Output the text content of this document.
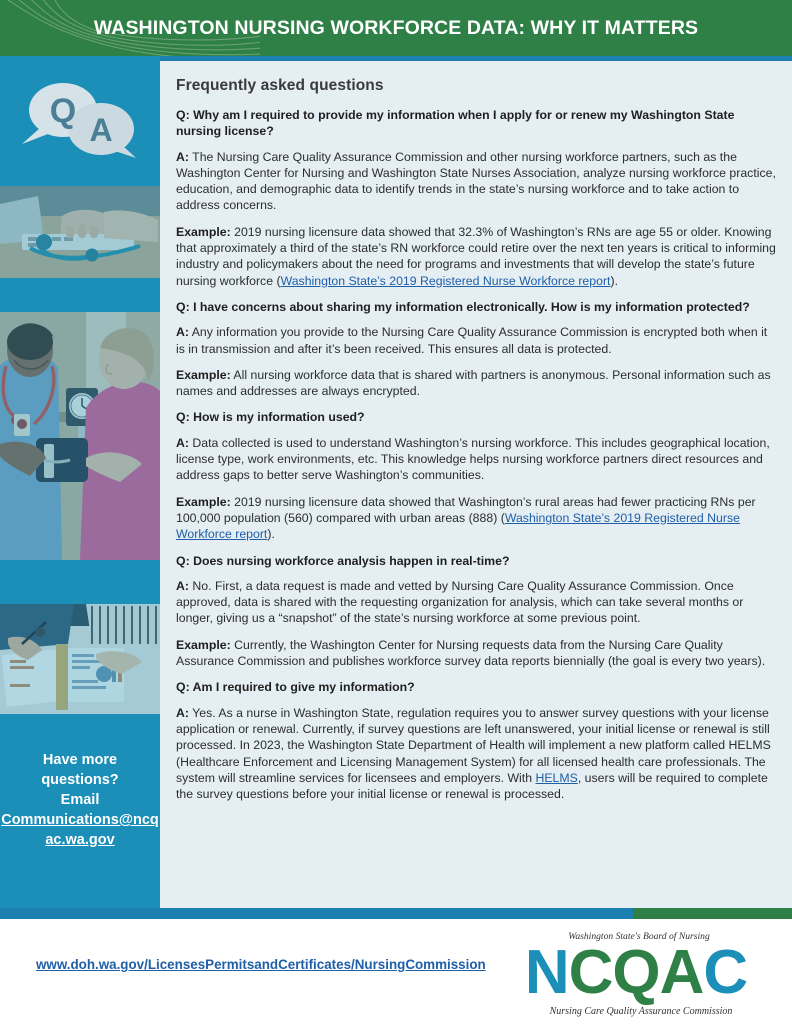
WASHINGTON NURSING WORKFORCE DATA: WHY IT MATTERS
Q A
Have more
questions?
Email
Communications@ncqac.wa.gov
Frequently asked questions

Q: Why am I required to provide my information when I apply for or renew my Washington State nursing license?

A: The Nursing Care Quality Assurance Commission and other nursing workforce partners, such as the Washington Center for Nursing and Washington State Nurses Association, analyze nursing workforce practice, education, and demographic data to identify trends in the state’s nursing workforce and to take action to address concerns.

Example: 2019 nursing licensure data showed that 32.3% of Washington’s RNs are age 55 or older. Knowing that approximately a third of the state’s RN workforce could retire over the next ten years is critical to informing industry and policymakers about the need for programs and investments that will develop the state’s future nursing workforce (Washington State’s 2019 Registered Nurse Workforce report).

Q: I have concerns about sharing my information electronically. How is my information protected?

A: Any information you provide to the Nursing Care Quality Assurance Commission is encrypted both when it is in transmission and after it’s been received. This ensures all data is protected.

Example: All nursing workforce data that is shared with partners is anonymous. Personal information such as names and addresses are always encrypted.

Q: How is my information used?

A: Data collected is used to understand Washington’s nursing workforce. This includes geographical location, license type, work environments, etc. This knowledge helps nursing workforce partners direct resources and address gaps to better serve Washington’s communities.

Example: 2019 nursing licensure data showed that Washington’s rural areas had fewer practicing RNs per 100,000 population (560) compared with urban areas (888) (Washington State’s 2019 Registered Nurse Workforce report).

Q: Does nursing workforce analysis happen in real-time?

A: No. First, a data request is made and vetted by Nursing Care Quality Assurance Commission. Once approved, data is shared with the requesting organization for analysis, which can take several months or longer, giving us a “snapshot” of the state’s nursing workforce at some previous point.

Example: Currently, the Washington Center for Nursing requests data from the Nursing Care Quality Assurance Commission and publishes workforce survey data reports biennially (the goal is every two years).

Q: Am I required to give my information?

A: Yes. As a nurse in Washington State, regulation requires you to answer survey questions with your license application or renewal. Currently, if survey questions are left unanswered, your initial license or renewal is still processed. In 2023, the Washington State Department of Health will implement a new platform called HELMS (Healthcare Enforcement and Licensing Management System) for all licensed health care professionals. The system will streamline services for licensees and employers. With HELMS, users will be required to complete the survey questions before your initial license or renewal is processed.

www.doh.wa.gov/LicensesPermitsandCertificates/NursingCommission
Washington State's Board of Nursing
NCQAC
Nursing Care Quality Assurance Commission
